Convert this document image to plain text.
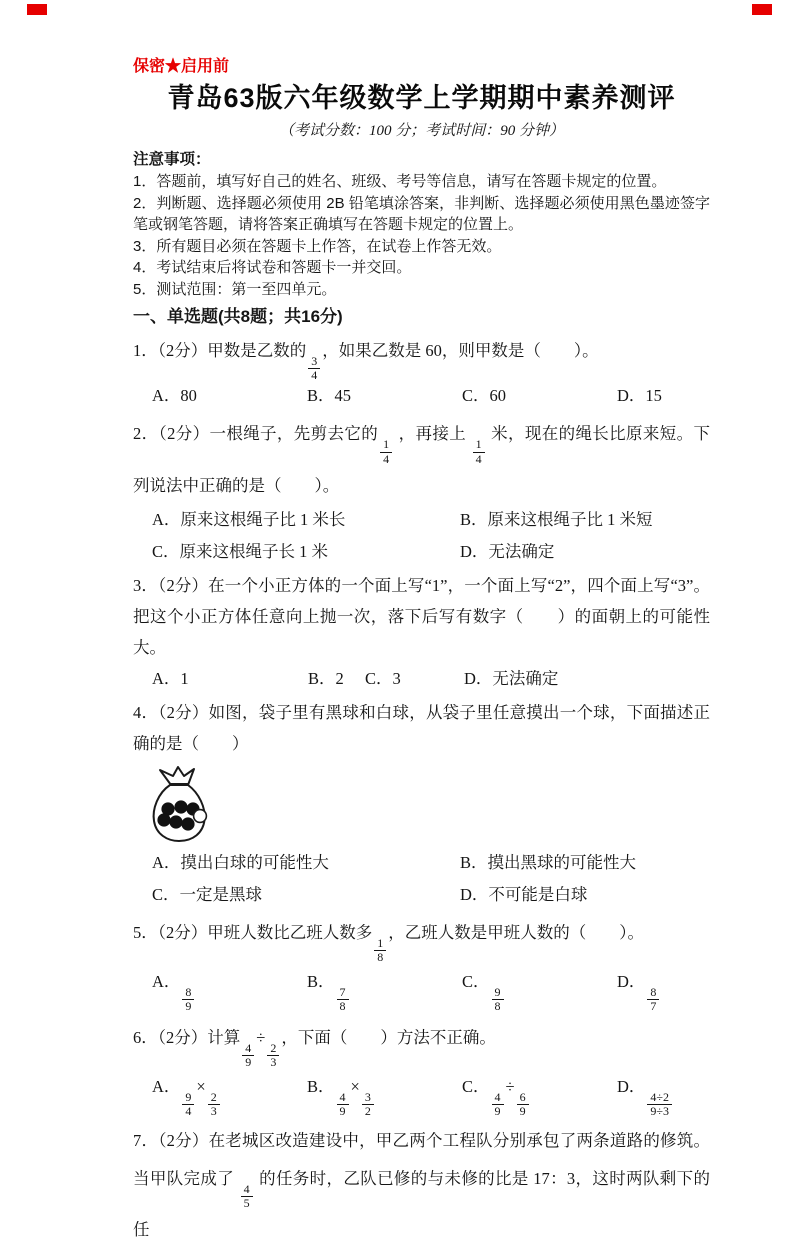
保密★启用前
青岛63版六年级数学上学期期中素养测评
（考试分数：100 分；考试时间：90 分钟）
注意事项：
1．答题前，填写好自己的姓名、班级、考号等信息，请写在答题卡规定的位置。
2．判断题、选择题必须使用 2B 铅笔填涂答案，非判断、选择题必须使用黑色墨迹签字笔或钢笔答题，请将答案正确填写在答题卡规定的位置上。
3．所有题目必须在答题卡上作答，在试卷上作答无效。
4．考试结束后将试卷和答题卡一并交回。
5．测试范围：第一至四单元。
一、单选题(共8题；共16分)

1．（2分）甲数是乙数的
$\frac{3}{4}$
，如果乙数是 60，则甲数是（　　）。

A．80	B．45	C．60	D．15

2．（2分）一根绳子，先剪去它的
$\frac{1}{4}$
，再接上
$\frac{1}{4}$
米，现在的绳长比原来短。下列说法中正确的是（　　）。

A．原来这根绳子比 1 米长	B．原来这根绳子比 1 米短
C．原来这根绳子长 1 米	D．无法确定

3．（2分）在一个小正方体的一个面上写“1”，一个面上写“2”，四个面上写“3”。把这个小正方体任意向上抛一次，落下后写有数字（　　）的面朝上的可能性大。

A．1	B．2	C．3	D．无法确定

4．（2分）如图，袋子里有黑球和白球，从袋子里任意摸出一个球，下面描述正确的是（　　）

A．摸出白球的可能性大	B．摸出黑球的可能性大
C．一定是黑球	D．不可能是白球

5．（2分）甲班人数比乙班人数多
$\frac{1}{8}$
，乙班人数是甲班人数的（　　）。

A．
$\frac{8}{9}$
B．
$\frac{7}{8}$
C．
$\frac{9}{8}$
D．
$\frac{8}{7}$

6．（2分）计算
$\frac{4}{9}$
÷
$\frac{2}{3}$
，下面（　　）方法不正确。

A．
$\frac{9}{4}$
×
$\frac{2}{3}$
B．
$\frac{4}{9}$
×
$\frac{3}{2}$
C．
$\frac{4}{9}$
÷
$\frac{6}{9}$
D．
$\frac{4\div 2}{9\div 3}$

7．（2分）在老城区改造建设中，甲乙两个工程队分别承包了两条道路的修筑。当甲队完成了
$\frac{4}{5}$
的任务时，乙队已修的与未修的比是 17：3，这时两队剩下的任
